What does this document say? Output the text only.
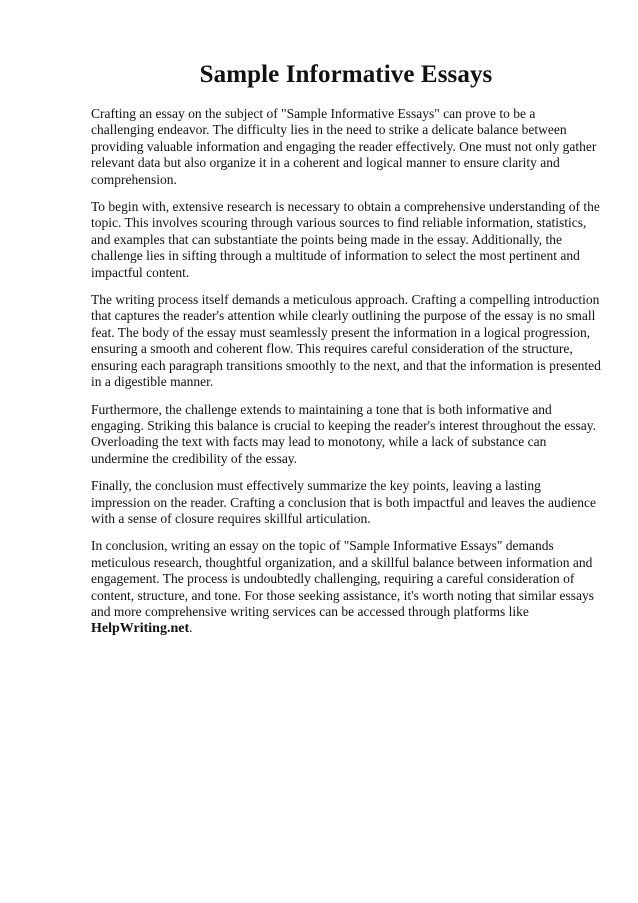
Sample Informative Essays

Crafting an essay on the subject of "Sample Informative Essays" can prove to be a challenging endeavor. The difficulty lies in the need to strike a delicate balance between providing valuable information and engaging the reader effectively. One must not only gather relevant data but also organize it in a coherent and logical manner to ensure clarity and comprehension.

To begin with, extensive research is necessary to obtain a comprehensive understanding of the topic. This involves scouring through various sources to find reliable information, statistics, and examples that can substantiate the points being made in the essay. Additionally, the challenge lies in sifting through a multitude of information to select the most pertinent and impactful content.

The writing process itself demands a meticulous approach. Crafting a compelling introduction that captures the reader's attention while clearly outlining the purpose of the essay is no small feat. The body of the essay must seamlessly present the information in a logical progression, ensuring a smooth and coherent flow. This requires careful consideration of the structure, ensuring each paragraph transitions smoothly to the next, and that the information is presented in a digestible manner.

Furthermore, the challenge extends to maintaining a tone that is both informative and engaging. Striking this balance is crucial to keeping the reader's interest throughout the essay. Overloading the text with facts may lead to monotony, while a lack of substance can undermine the credibility of the essay.

Finally, the conclusion must effectively summarize the key points, leaving a lasting impression on the reader. Crafting a conclusion that is both impactful and leaves the audience with a sense of closure requires skillful articulation.

In conclusion, writing an essay on the topic of "Sample Informative Essays" demands meticulous research, thoughtful organization, and a skillful balance between information and engagement. The process is undoubtedly challenging, requiring a careful consideration of content, structure, and tone. For those seeking assistance, it's worth noting that similar essays and more comprehensive writing services can be accessed through platforms like HelpWriting.net.
